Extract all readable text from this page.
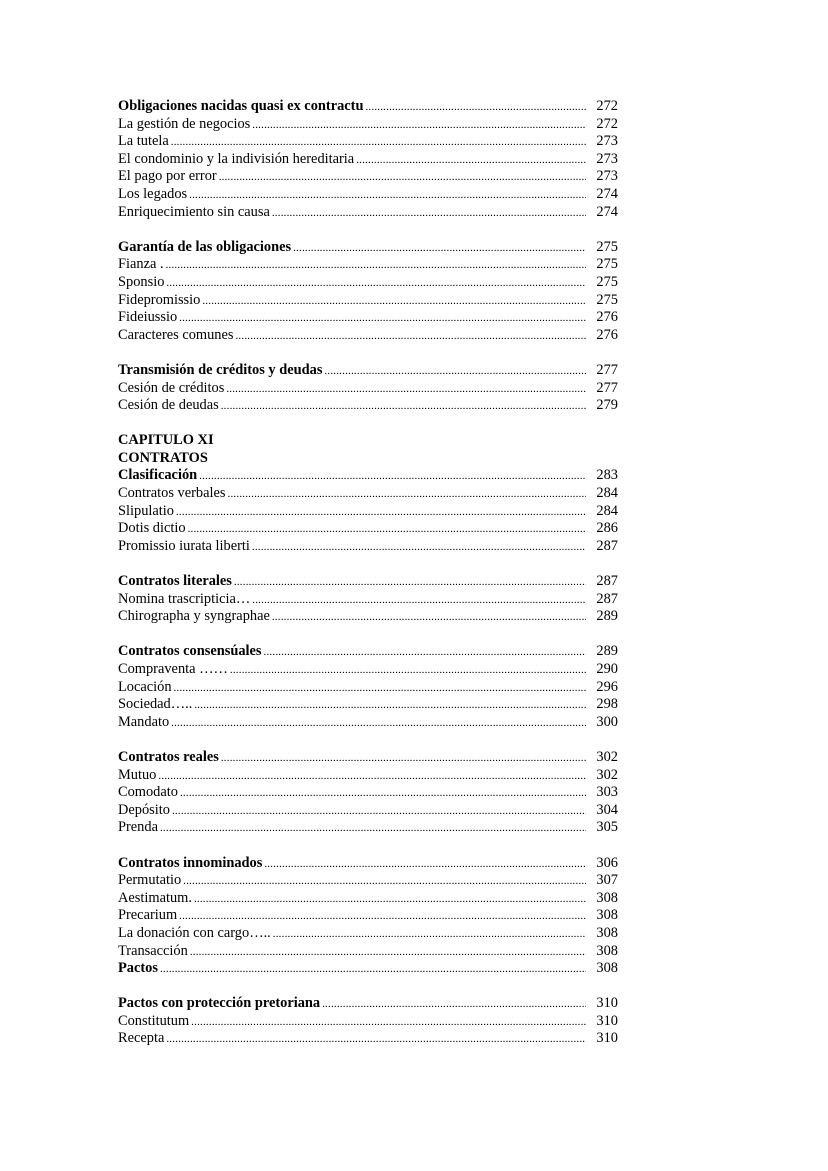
Obligaciones nacidas quasi ex contractu .....	272
La gestión de negocios .....	272
La tutela .....	273
El condominio y la indivisión hereditaria .....	273
El pago por error .....	273
Los legados .....	274
Enriquecimiento sin causa .....	274
Garantía de las obligaciones .....	275
Fianza . .....	275
Sponsio .....	275
Fidepromissio .....	275
Fideiussio .....	276
Caracteres comunes .....	276
Transmisión de créditos y deudas .....	277
Cesión de créditos .....	277
Cesión de deudas .....	279
CAPITULO XI
CONTRATOS
Clasificación .....	283
Contratos verbales .....	284
Slipulatio .....	284
Dotis dictio .....	286
Promissio iurata liberti .....	287
Contratos literales .....	287
Nomina trascripticia… .....	287
Chirographa y syngraphae .....	289
Contratos consensúales .....	289
Compraventa …… .....	290
Locación .....	296
Sociedad….. .....	298
Mandato .....	300
Contratos reales .....	302
Mutuo .....	302
Comodato .....	303
Depósito .....	304
Prenda .....	305
Contratos innominados .....	306
Permutatio .....	307
Aestimatum. .....	308
Precarium .....	308
La donación con cargo….. .....	308
Transacción .....	308
Pactos .....	308
Pactos con protección pretoriana .....	310
Constitutum .....	310
Recepta .....	310
